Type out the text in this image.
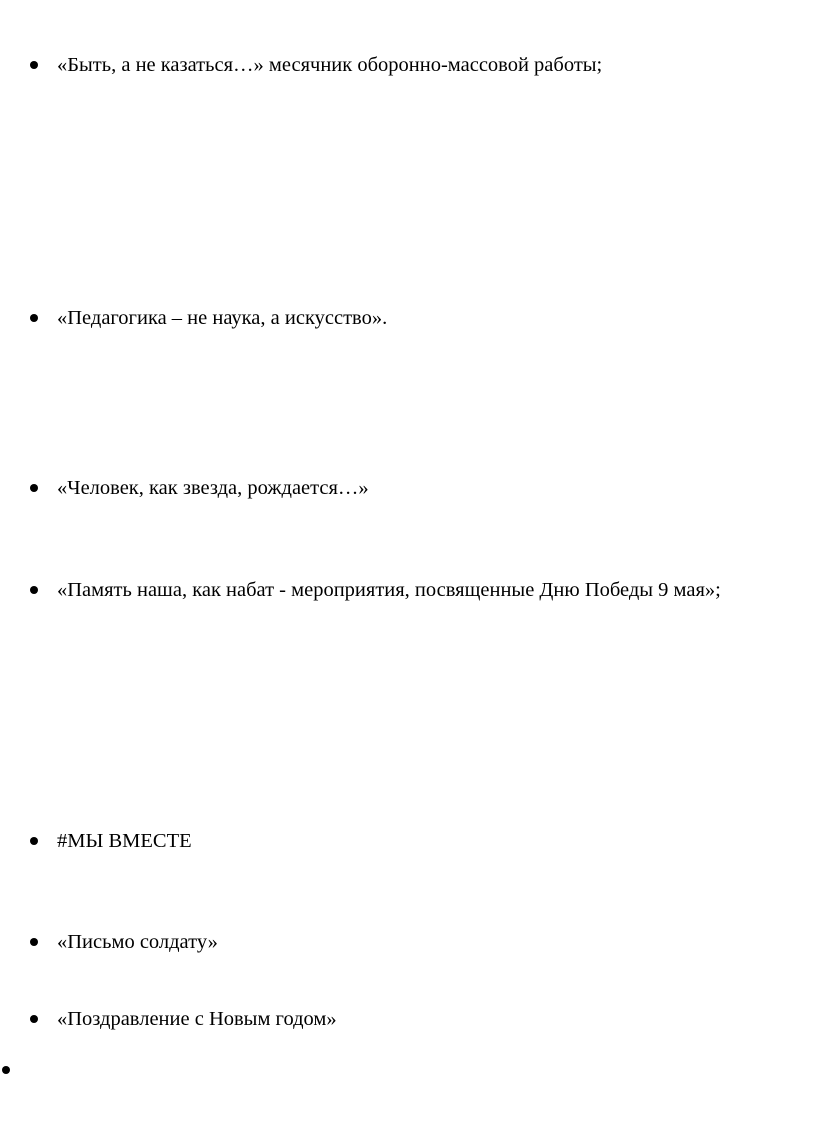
«Быть, а не казаться…» месячник оборонно-массовой работы;
«Педагогика – не наука, а искусство».
«Человек, как звезда, рождается…»
«Память наша, как набат - мероприятия, посвященные Дню Победы 9 мая»;
#МЫ ВМЕСТЕ
«Письмо солдату»
«Поздравление с Новым годом»
